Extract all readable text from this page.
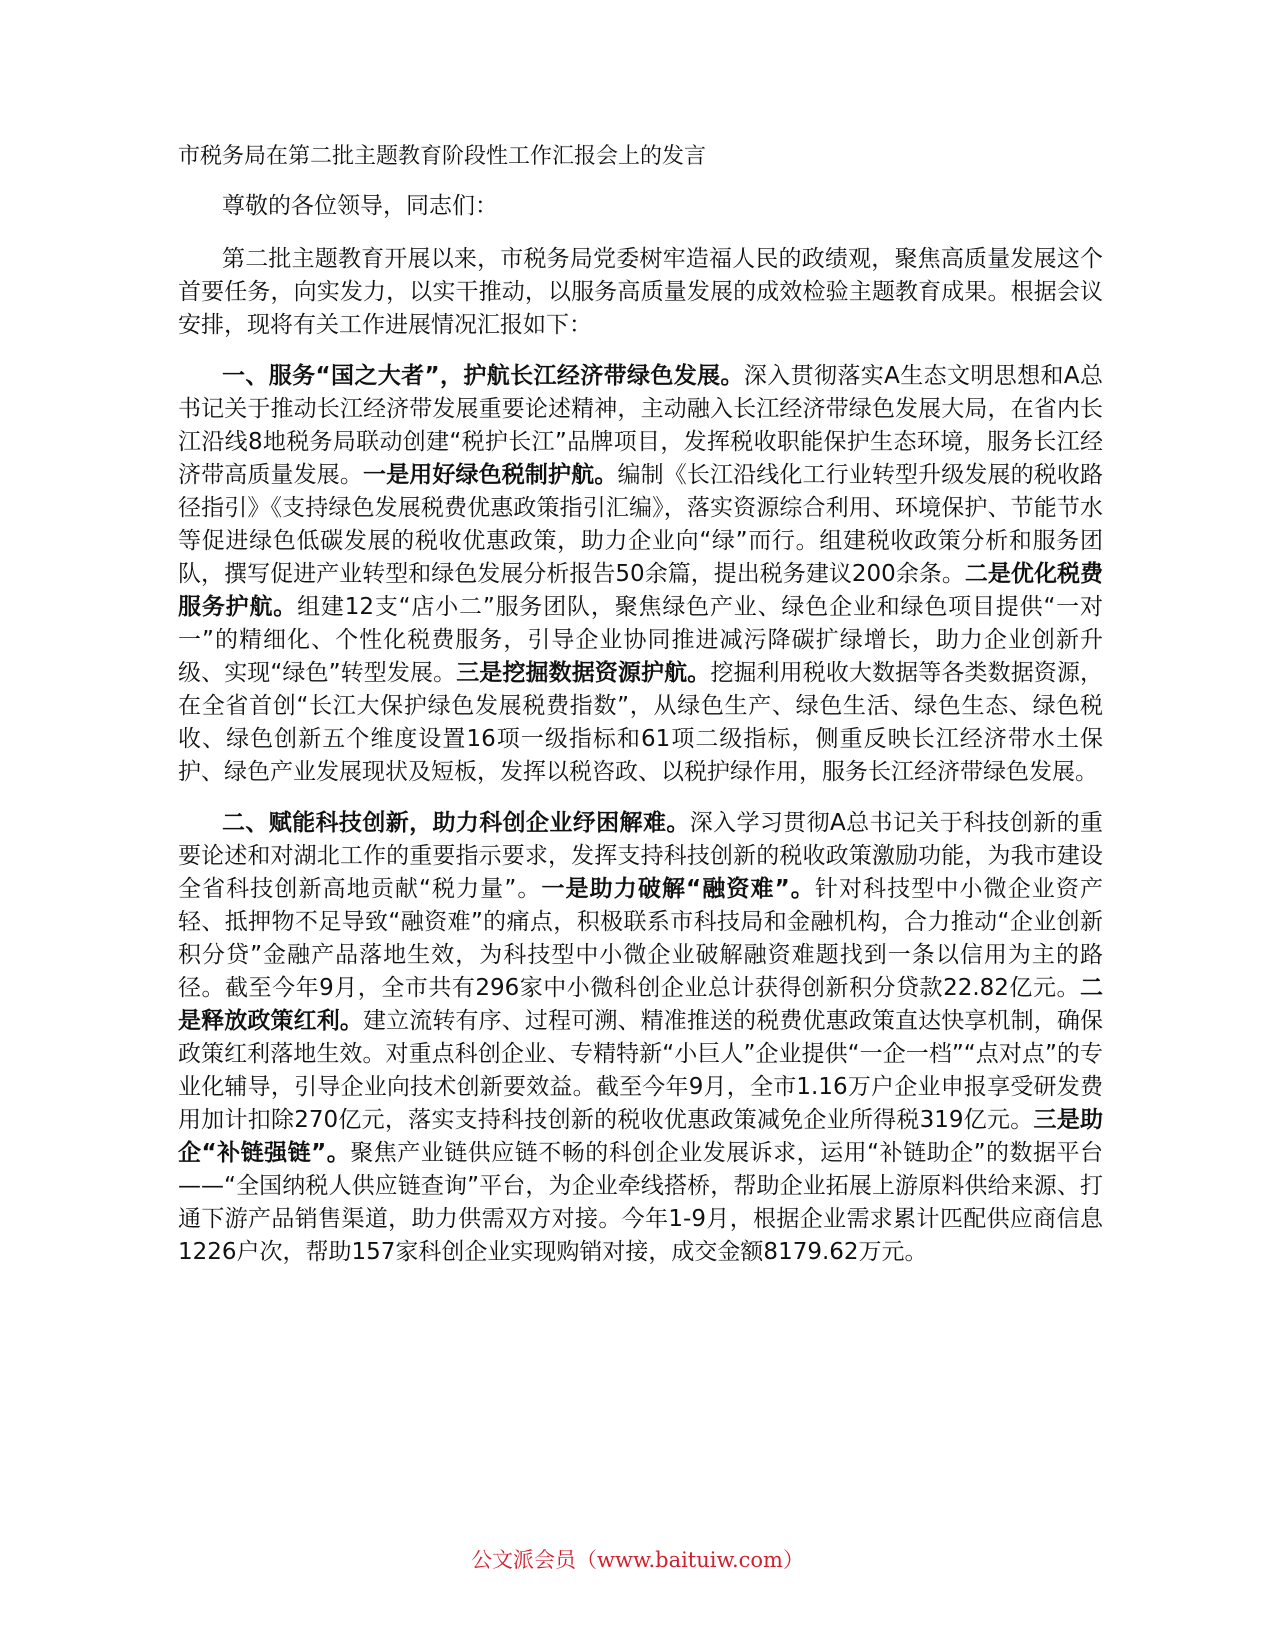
市税务局在第二批主题教育阶段性工作汇报会上的发言

尊敬的各位领导，同志们：

第二批主题教育开展以来，市税务局党委树牢造福人民的政绩观，聚焦高质量发展这个首要任务，向实发力，以实干推动，以服务高质量发展的成效检验主题教育成果。根据会议安排，现将有关工作进展情况汇报如下：

一、服务“国之大者”，护航长江经济带绿色发展。深入贯彻落实A生态文明思想和A总书记关于推动长江经济带发展重要论述精神，主动融入长江经济带绿色发展大局，在省内长江沿线8地税务局联动创建“税护长江”品牌项目，发挥税收职能保护生态环境，服务长江经济带高质量发展。一是用好绿色税制护航。编制《长江沿线化工行业转型升级发展的税收路径指引》《支持绿色发展税费优惠政策指引汇编》，落实资源综合利用、环境保护、节能节水等促进绿色低碳发展的税收优惠政策，助力企业向“绿”而行。组建税收政策分析和服务团队，撰写促进产业转型和绿色发展分析报告50余篇，提出税务建议200余条。二是优化税费服务护航。组建12支“店小二”服务团队，聚焦绿色产业、绿色企业和绿色项目提供“一对一”的精细化、个性化税费服务，引导企业协同推进减污降碳扩绿增长，助力企业创新升级、实现“绿色”转型发展。三是挖掘数据资源护航。挖掘利用税收大数据等各类数据资源，在全省首创“长江大保护绿色发展税费指数”，从绿色生产、绿色生活、绿色生态、绿色税收、绿色创新五个维度设置16项一级指标和61项二级指标，侧重反映长江经济带水土保护、绿色产业发展现状及短板，发挥以税咨政、以税护绿作用，服务长江经济带绿色发展。

二、赋能科技创新，助力科创企业纾困解难。深入学习贯彻A总书记关于科技创新的重要论述和对湖北工作的重要指示要求，发挥支持科技创新的税收政策激励功能，为我市建设全省科技创新高地贡献“税力量”。一是助力破解“融资难”。针对科技型中小微企业资产轻、抵押物不足导致“融资难”的痛点，积极联系市科技局和金融机构，合力推动“企业创新积分贷”金融产品落地生效，为科技型中小微企业破解融资难题找到一条以信用为主的路径。截至今年9月，全市共有296家中小微科创企业总计获得创新积分贷款22.82亿元。二是释放政策红利。建立流转有序、过程可溯、精准推送的税费优惠政策直达快享机制，确保政策红利落地生效。对重点科创企业、专精特新“小巨人”企业提供“一企一档”“点对点”的专业化辅导，引导企业向技术创新要效益。截至今年9月，全市1.16万户企业申报享受研发费用加计扣除270亿元，落实支持科技创新的税收优惠政策减免企业所得税319亿元。三是助企“补链强链”。聚焦产业链供应链不畅的科创企业发展诉求，运用“补链助企”的数据平台——“全国纳税人供应链查询”平台，为企业牵线搭桥，帮助企业拓展上游原料供给来源、打通下游产品销售渠道，助力供需双方对接。今年1-9月，根据企业需求累计匹配供应商信息1226户次，帮助157家科创企业实现购销对接，成交金额8179.62万元。

公文派会员（www.baituiw.com）
